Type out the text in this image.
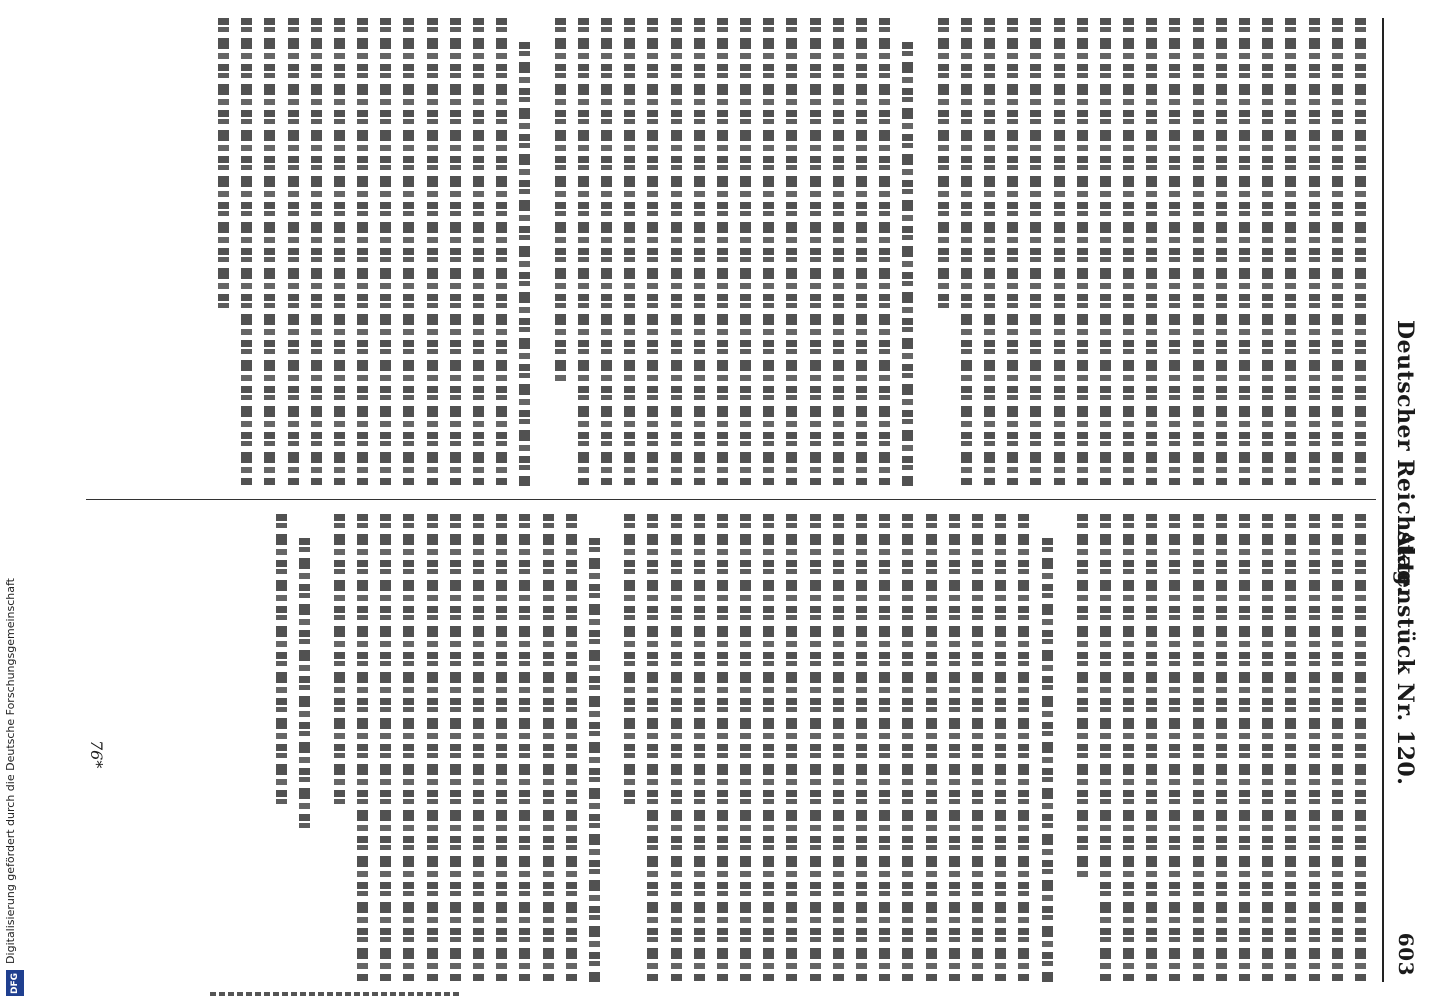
Digitalisierung gefördert durch die Deutsche Forschungsgemeinschaft
DFG
Deutscher Reichstag.
Aktenstück Nr. 120.
603
76*
